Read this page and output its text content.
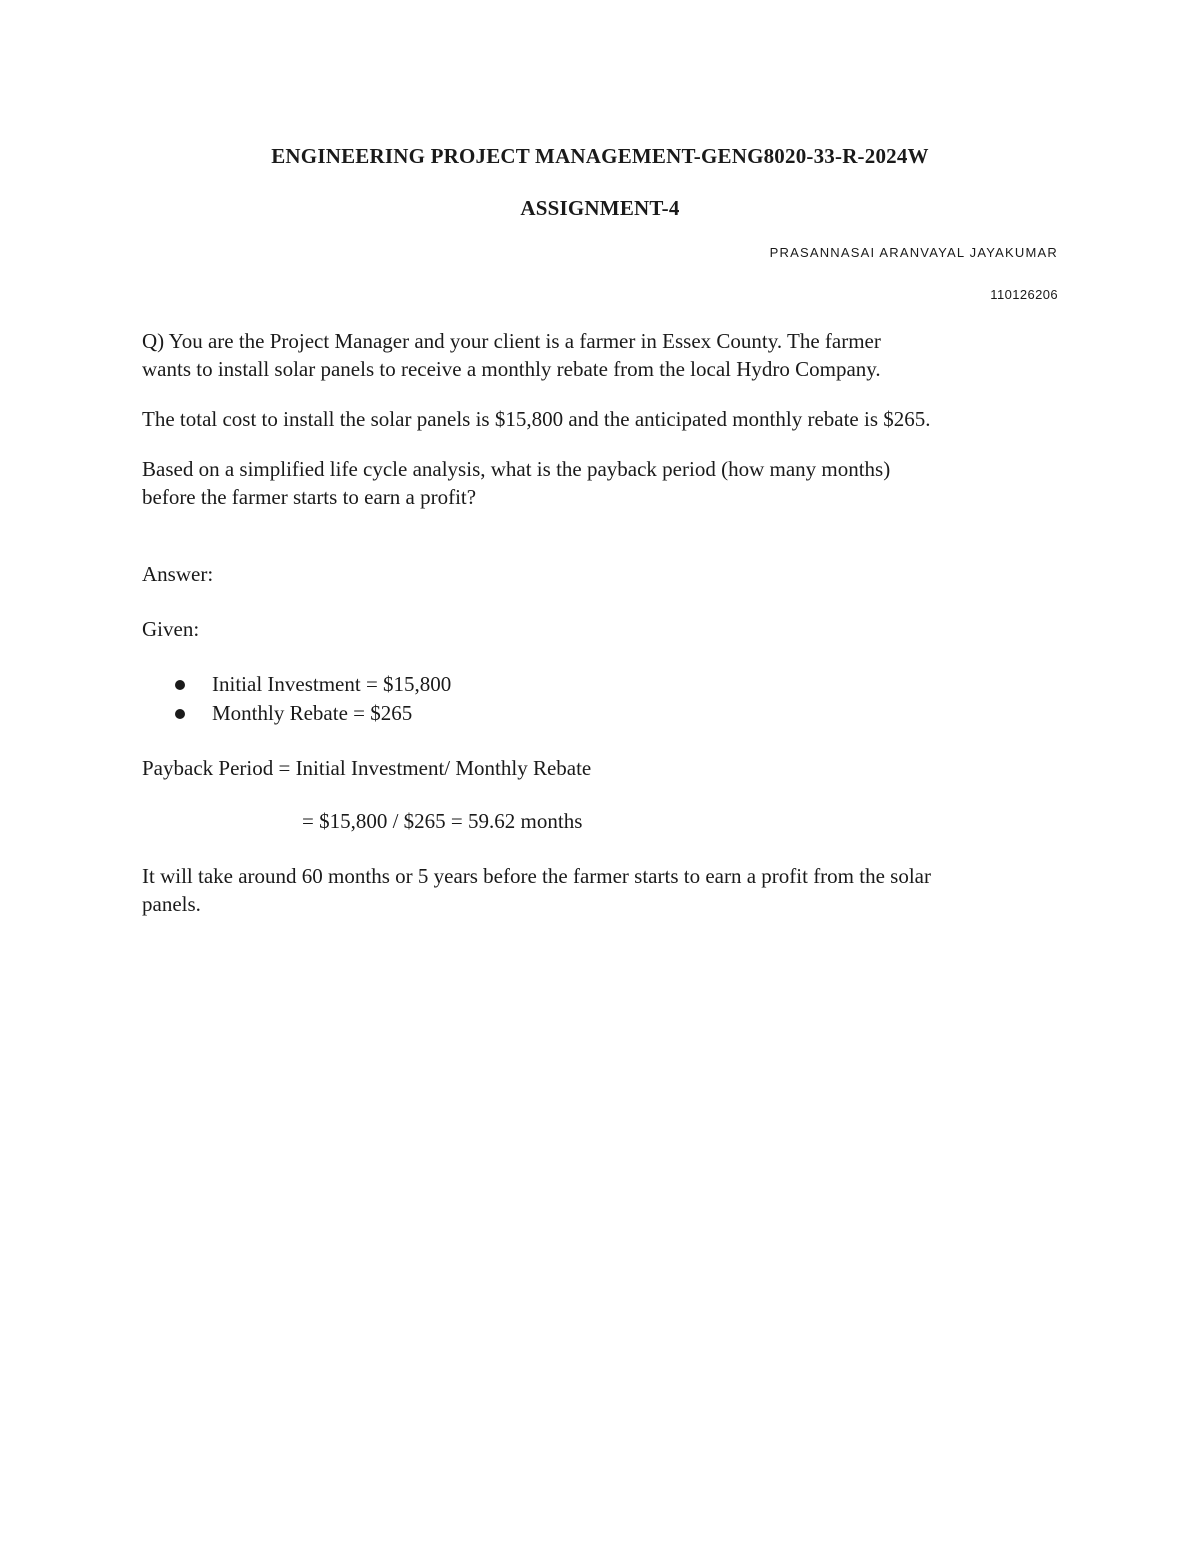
ENGINEERING PROJECT MANAGEMENT-GENG8020-33-R-2024W
ASSIGNMENT-4
PRASANNASAI ARANVAYAL JAYAKUMAR
110126206
Q) You are the Project Manager and your client is a farmer in Essex County. The farmer
wants to install solar panels to receive a monthly rebate from the local Hydro Company.
The total cost to install the solar panels is $15,800 and the anticipated monthly rebate is $265.
Based on a simplified life cycle analysis, what is the payback period (how many months)
before the farmer starts to earn a profit?
Answer:
Given:
Initial Investment = $15,800
Monthly Rebate = $265
Payback Period = Initial Investment/ Monthly Rebate
= $15,800 / $265 = 59.62 months
It will take around 60 months or 5 years before the farmer starts to earn a profit from the solar
panels.
